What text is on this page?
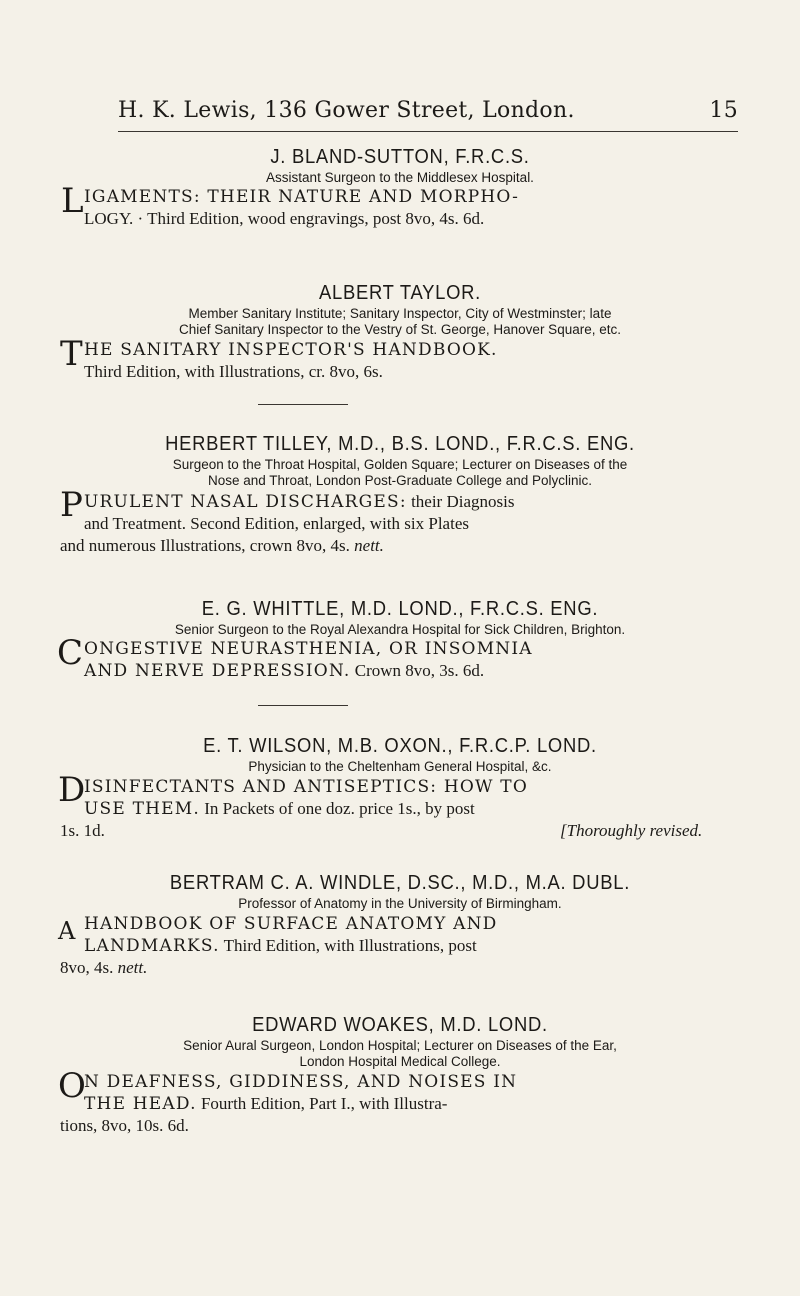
H. K. Lewis, 136 Gower Street, London.	15
J. BLAND-SUTTON, F.R.C.S.
Assistant Surgeon to the Middlesex Hospital.
L IGAMENTS: THEIR NATURE AND MORPHO-
LOGY. · Third Edition, wood engravings, post 8vo, 4s. 6d.
ALBERT TAYLOR.
Member Sanitary Institute; Sanitary Inspector, City of Westminster; late
Chief Sanitary Inspector to the Vestry of St. George, Hanover Square, etc.
T HE SANITARY INSPECTOR'S HANDBOOK.
Third Edition, with Illustrations, cr. 8vo, 6s.
HERBERT TILLEY, M.D., B.S. LOND., F.R.C.S. ENG.
Surgeon to the Throat Hospital, Golden Square; Lecturer on Diseases of the
Nose and Throat, London Post-Graduate College and Polyclinic.
P URULENT NASAL DISCHARGES: their Diagnosis
and Treatment. Second Edition, enlarged, with six Plates
and numerous Illustrations, crown 8vo, 4s. nett.
E. G. WHITTLE, M.D. LOND., F.R.C.S. ENG.
Senior Surgeon to the Royal Alexandra Hospital for Sick Children, Brighton.
C ONGESTIVE NEURASTHENIA, OR INSOMNIA
AND NERVE DEPRESSION. Crown 8vo, 3s. 6d.
E. T. WILSON, M.B. OXON., F.R.C.P. LOND.
Physician to the Cheltenham General Hospital, &c.
D
ISINFECTANTS AND ANTISEPTICS: HOW TO
USE THEM. In Packets of one doz. price 1s., by post
1s. 1d.	[Thoroughly revised.
BERTRAM C. A. WINDLE, D.SC., M.D., M.A. DUBL.
Professor of Anatomy in the University of Birmingham.
A HANDBOOK OF SURFACE ANATOMY AND
LANDMARKS. Third Edition, with Illustrations, post
8vo, 4s. nett.
EDWARD WOAKES, M.D. LOND.
Senior Aural Surgeon, London Hospital; Lecturer on Diseases of the Ear,
London Hospital Medical College.
O
N DEAFNESS, GIDDINESS, AND NOISES IN
THE HEAD. Fourth Edition, Part I., with Illustra-
tions, 8vo, 10s. 6d.
